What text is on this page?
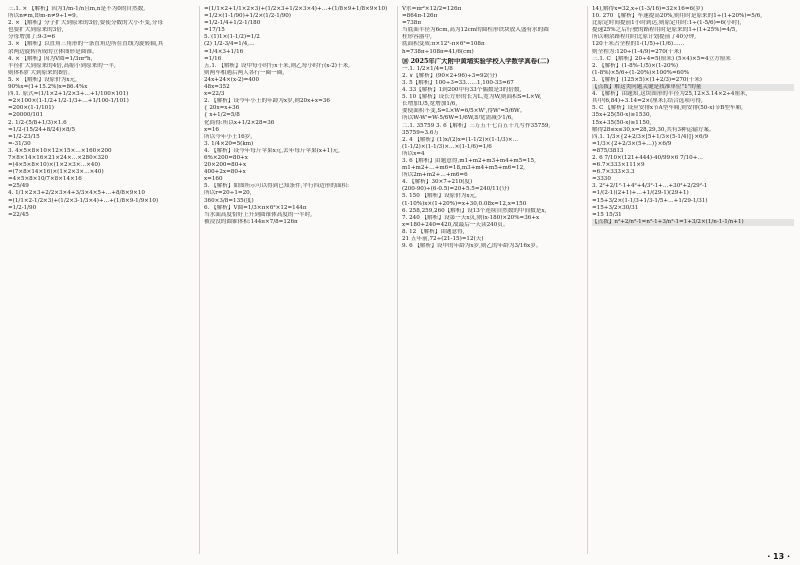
三.1. × 【解析】因为1/m-1/n且m,n是不为0的自然数,

所以n≠m,即m-n≠9÷1=9。

2. × 【解析】分子扩大到原来的3倍,要使分数的大小不变,分母

也要扩大到原来的3倍,

分母增加了:9-3=6

3. × 【解析】以直角三角形的一条直角边所在直线为旋转轴,其

余两边旋转所成的立体图形是圆锥。

4. × 【解析】因为V圆=1/3πr²h,

半径扩大到原来的4倍,高缩小到原来的一半,

则体积扩大到原来的8倍。

5. × 【解析】设原价为x元,

90%x=(1+15.2%)x=86.4%x

四.1. 原式=(1/1×2+1/2×3+…+1/100×101)

=2×100×(1-1/2+1/2-1/3+…+1/100-1/101)

=200×(1-1/101)

=20000/101

2. 1/2-(5/8+1/3)×1.6

=1/2-(15/24+8/24)×8/5

=1/2-23/15

=-31/30

3. 4×5×8×10×12×15×…×160×200

7×8×14×16×21×24×…×280×320

=(4×5×8×10)×(1×2×3×…×40)

=(7×8×14×16)×(1×2×3×…×40)

=4×5×8×10/7×8×14×16

=25/49

4. 1/1×2×3+2/2×3×4+3/3×4×5+…+8/8×9×10

=(1/1×2-1/2×3)+(1/2×3-1/3×4)+…+(1/8×9-1/9×10)

=1/2-1/90

=22/45

=(1/1×2+1/1×2×3)+(1/2×3+1/2×3×4)+…+(1/8×9+1/8×9×10)

=1/2×(1-1/90)+1/2×(1/2-1/90)

=1/2-1/4+1/2-1/180

=17/15

5. (1)1×(1-1/2)=1/2

(2) 1/2-3/4=1/4,…

=1/4×3+1/16

=1/16

五.1. 【解析】设甲每小时行x千米,则乙每小时行(x-2)千米,

则两车相遇后两人各行一圈一圈,

24x+24×(x-2)=400

48x=352

x=22/3

2. 【解析】设今年小王的年龄为x岁,则20x+x=36

{ 20x=x+36

{ x+1/2=5/8

化简得:所以x+1/2×28=36

x=16

所以今年小王16岁。

3. 1/4×20=5(km)

4. 【解析】设今年每斤苹果x元,去年每斤苹果(x+1)元,

6%×200=80+x

20×200=80+x

400+2x=80+x

x=160

5. 【解析】如图所示可以得到已知条件,平行四边形的面积:

所以r=20÷1=20,

360×3/8=135(度)

6. 【解析】V圆=1/3×π×6²×12=144π

当水面高度恰好上升到圆锥体高度的一半时,

被浸没的圆锥体积:144π×7/8=126π

V水=πr²×12/2=126π

=864π-126π

=738π

当底面半径为6cm,高为12cm的圆柱形铁块放入盛有水的圆

柱形容器中,

底面积变成:π×12²-π×6²=108π

h=738π÷108π=41/6(cm)

⑩ 2025年广大附中黄埔实验学校入学数学真卷(二)

一.1. 1/2×1/4=1/8

2. ∨【解析】(90×2+96)÷3=92(分)

3. 5【解析】100÷3=33……1,100-33=67

4. 33【解析】1到200中有33个偶数是3的倍数,

5. 10【解析】设长方形的长为L,宽为W,则面积S=L×W,

长增加1/5,宽增加1/6,

要使面积不变,S=L×W=6/5×W',得W'=5/6W。

所以W-W'=W-5/6W=1/6W,即宽需减少1/6。

二.1. 35759 3. 6【解析】三万五千七百五十九写作35759,

35759≈3.6万

2. 4 【解析】(1)x/(2)x=(1-1/2)×(1-1/3)×…

(1-1/2)×(1-1/3)×…×(1-1/6)=1/6

所以x=4

3. 6【解析】由题意得,m1+m2+m3+m4+m5=15,

m1+m2+…+m6=18,m3+m4+m5+m6=12,

所以2m+m2+…+m6=6

4. 【解析】30×7÷210(度)

(200-90)÷(6-0.5)=20+5.5=240/11(分)

5. 150 【解析】设原价为x元,

(1-10%)x×(1+20%)=x+30,0.08x=12,x=150

6. 258,259,260【解析】设13个连续自然数的中间数是x,

7. 240 【解析】设第一天x页,则(x-180)×20%=36+x

x=180+240=420,故最后一天读240页。

8. 12 【解析】由题意得,

21 五年前,72÷(21-15)=12(天)

9. 6 【解析】设甲的年龄为x岁,则乙的年龄为3/16x岁。

14),解得x=32,x÷(1-3/16)=32×16=6(岁)

10. 270 【解析】车速提高20%,则用时是原来的1÷(1+20%)=5/6,

比原定时间提前1小时到达,则原定用时:1÷(1-5/6)=6(小时),

提速25%之后行驶的路程用时是原来的1÷(1+25%)=4/5,

所以剩余路程用时比原计划提前了40分钟,

120千米占全程的1-(1/5)÷(1/6)……

则全程为:120÷(1-4/9)=270(千米)

三.1. C 【解析】20÷4=5(厘米) (5×4)×5=4立方厘米

2. 【解析】(1-8%-1/5)×(1-20%)

(1-8%)×5/6÷(1-20%)×100%=60%

3. 【解析】(125×5)×(1+2/3)=270(千米)

【点拨】解这类问题关键是找准单位"1"的量

4. 【解析】由题知,这块图形的半径为25,12×3.14×2÷4厘米,

其中(6,84)÷3.14=2×(厘米),结合选项可得,

5. C 【解析】设应安排x节A型车厢,则安排(50-x)节B型车厢,

35x+25(50-x)≥1530,

15x+35(50-x)≥1150,

解得28≤x≤30,x=28,29,30,共有3种运输方案。

四.1. 1/3×{2+2/3×[5+1/3×(5-1/4)]}×6/9

=1/3×{2+2/3×(5+…)}×6/9

=875/3813

2. 6 7/10×(121+444)-40/99×6 7/10+…

=6.7×333×111×9

=6.7×333×3.3

=3330

3. 2²+2/1²-1+4²+4/3²-1+…+30²+2/29²-1

=1/(2-1)(2+1)+…+1/(29-1)(29+1)

=15+3/2×(1-1/3+1/3-1/5+…+1/29-1/31)

=15+3/2×30/31

=15 15/31

【点拨】n²+2/n²-1=n²-1+3/n²-1=1+3/2×(1/n-1-1/n+1)

· 13 ·
